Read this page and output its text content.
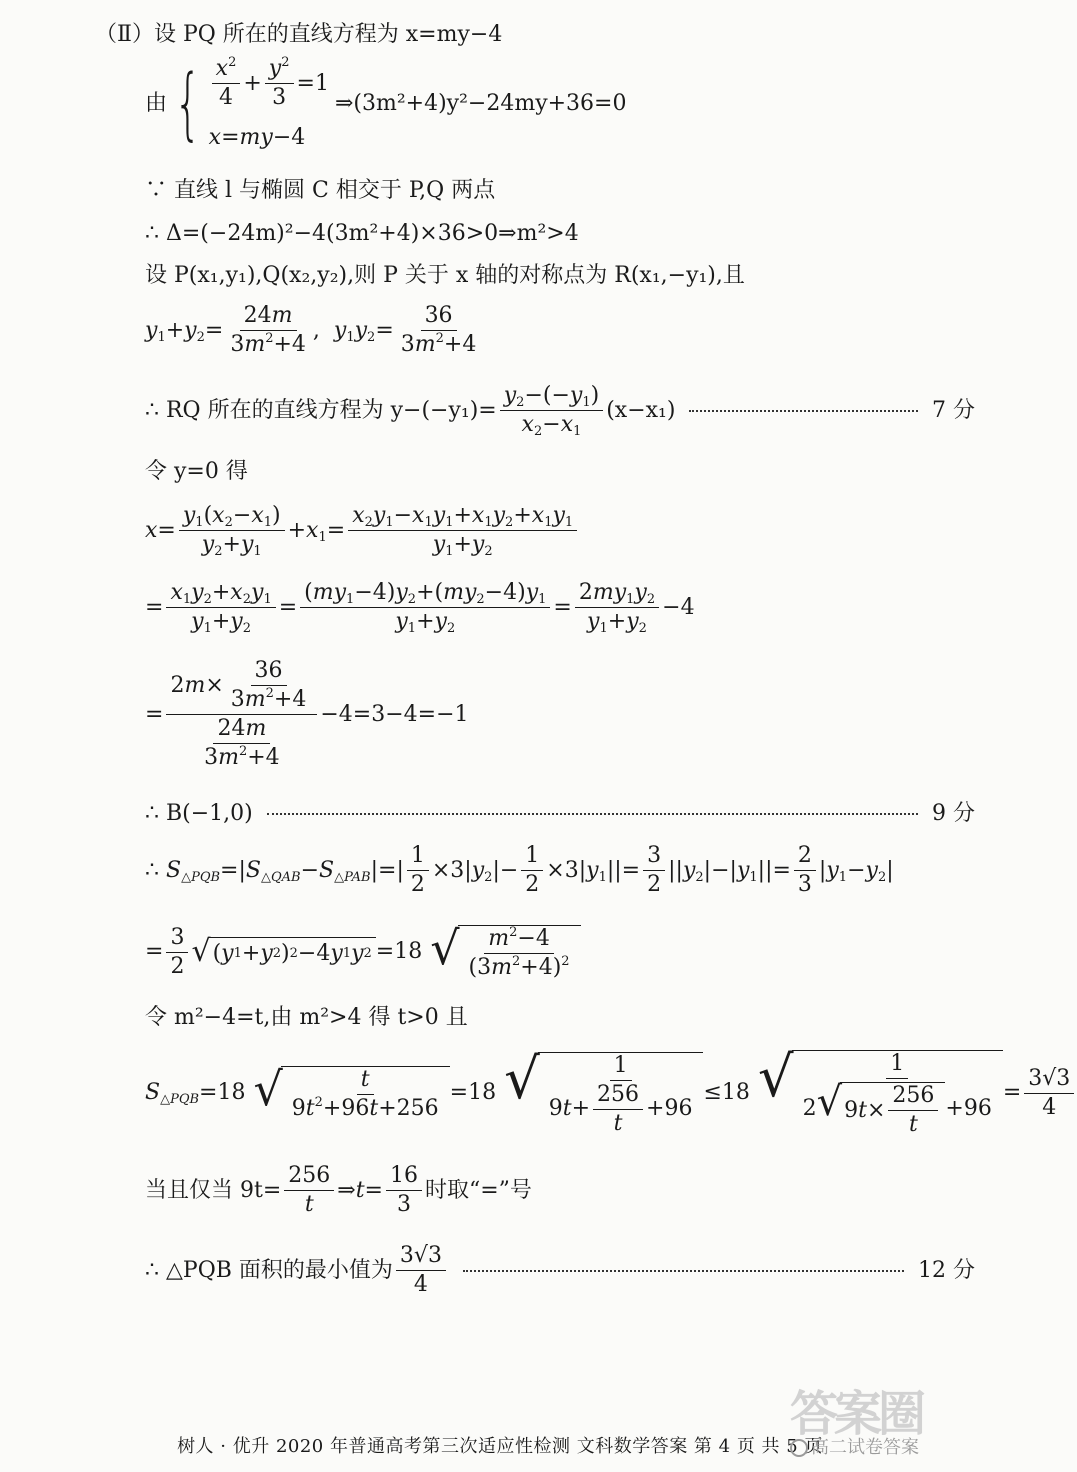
（Ⅱ）设 PQ 所在的直线方程为 x=my−4
由 { $\frac{x^2}{4} + \frac{y^2}{3} =1$
x=my−4
⇒(3m²+4)y²−24my+36=0
∵ 直线 l 与椭圆 C 相交于 P,Q 两点
∴ Δ=(−24m)²−4(3m²+4)×36>0⇒m²>4
设 P(x₁,y₁),Q(x₂,y₂),则 P 关于 x 轴的对称点为 R(x₁,−y₁),且
$y_1+y_2= \frac{24m}{3m^2+4}$ ,  $y_1y_2= \frac{36}{3m^2+4}$
∴ RQ 所在的直线方程为 $y-(-y_1)= \frac{y_2-(-y_1)}{x_2-x_1} (x-x_1)$	7 分
令 y=0 得
$x= \frac{y_1(x_2-x_1)}{y_2+y_1} +x_1= \frac{x_2y_1-x_1y_1+x_1y_2+x_1y_1}{y_1+y_2}$
= $\frac{x_1y_2+x_2y_1}{y_1+y_2} = \frac{(my_1-4)y_2+(my_2-4)y_1}{y_1+y_2} = \frac{2my_1y_2}{y_1+y_2} -4$
= $\frac{2 m \times \frac{36}{3m^2+4}}{\frac{24m}{3m^2+4}} -4=3-4=-1$
∴ B(−1,0)	9 分
∴ $S_{\triangle PQB}=|S_{\triangle QAB}-S_{\triangle PAB}|=| \frac{1}{2} \times 3|y_2|- \frac{1}{2} \times 3|y_1||= \frac{3}{2} ||y_2|-|y_1||= \frac{2}{3} |y_1-y_2|$
= $\frac{3}{2}$ √ ( y 1 + y 2 ) 2 −4 y 1 y 2 =18 √ $\frac{m^2-4}{(3m^2+4)^2}$
令 m²−4=t,由 m²>4 得 t>0 且
$S_{\triangle PQB}=18$ √ $\frac{t}{9t^2+96t+256} =18$ √ $\frac{1}{9 t + \frac{256}{t} +96} \le 18$ √ $\frac{1}{2 √ 9 t \times \frac{256}{t} +96} = \frac{3√3}{4}$
当且仅当 $9t= \frac{256}{t}$ ⇒t= $\frac{16}{3}$ 时取“=”号
∴ △PQB 面积的最小值为 $\frac{3√3}{4}$	12 分
树人 · 优升 2020 年普通高考第三次适应性检测 文科数学答案 第 4 页 共 5 页
答案圈
高二试卷答案
